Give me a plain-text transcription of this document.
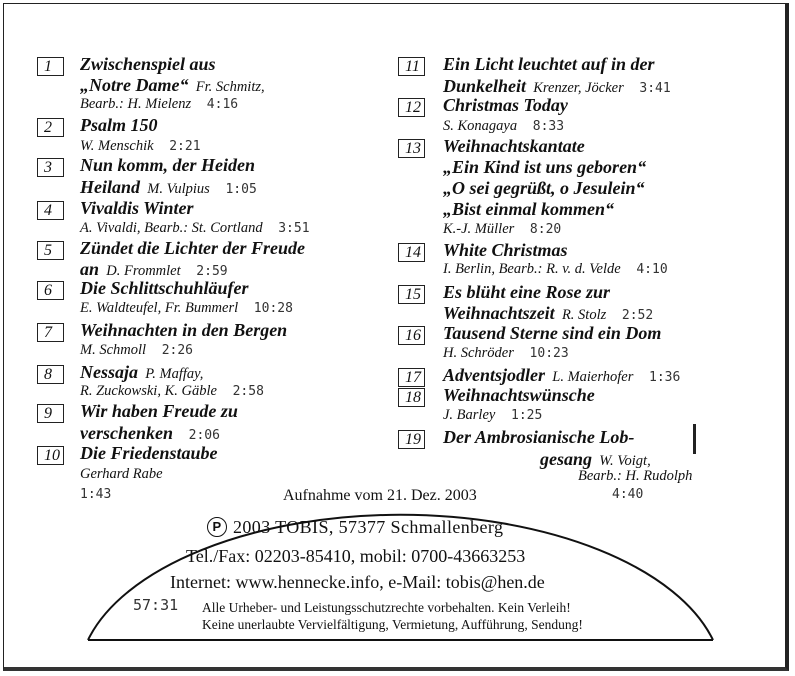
1	Zwischenspiel aus
„Notre Dame“  Fr. Schmitz,
Bearb.: H. Mielenz  4:16
2	Psalm 150
W. Menschik  2:21
3	Nun komm, der Heiden
Heiland  M. Vulpius  1:05
4	Vivaldis Winter
A. Vivaldi, Bearb.: St. Cortland  3:51
5	Zündet die Lichter der Freude
an  D. Frommlet  2:59
6	Die Schlittschuhläufer
E. Waldteufel, Fr. Bummerl  10:28
7	Weihnachten in den Bergen
M. Schmoll  2:26
8	Nessaja  P. Maffay,
R. Zuckowski, K. Gäble  2:58
9	Wir haben Freude zu
verschenken  2:06
10 Die Friedenstaube
Gerhard Rabe
1:43
11 Ein Licht leuchtet auf in der
Dunkelheit  Krenzer, Jöcker  3:41
12 Christmas Today
S. Konagaya  8:33
13 Weihnachtskantate
„Ein Kind ist uns geboren“
„O sei gegrüßt, o Jesulein“
„Bist einmal kommen“
K.-J. Müller  8:20
14 White Christmas
I. Berlin, Bearb.: R. v. d. Velde  4:10
15 Es blüht eine Rose zur
Weihnachtszeit  R. Stolz  2:52
16 Tausend Sterne sind ein Dom
H. Schröder  10:23
17 Adventsjodler  L. Maierhofer  1:36
18 Weihnachtswünsche
J. Barley  1:25
19 Der Ambrosianische Lob-
gesang  W. Voigt,
Bearb.: H. Rudolph
4:40
Aufnahme vom 21. Dez. 2003
P 2003 TOBIS, 57377 Schmallenberg
Tel./Fax: 02203-85410, mobil: 0700-43663253
Internet: www.hennecke.info, e-Mail: tobis@hen.de
57:31 Alle Urheber- und Leistungsschutzrechte vorbehalten. Kein Verleih!
Keine unerlaubte Vervielfältigung, Vermietung, Aufführung, Sendung!
